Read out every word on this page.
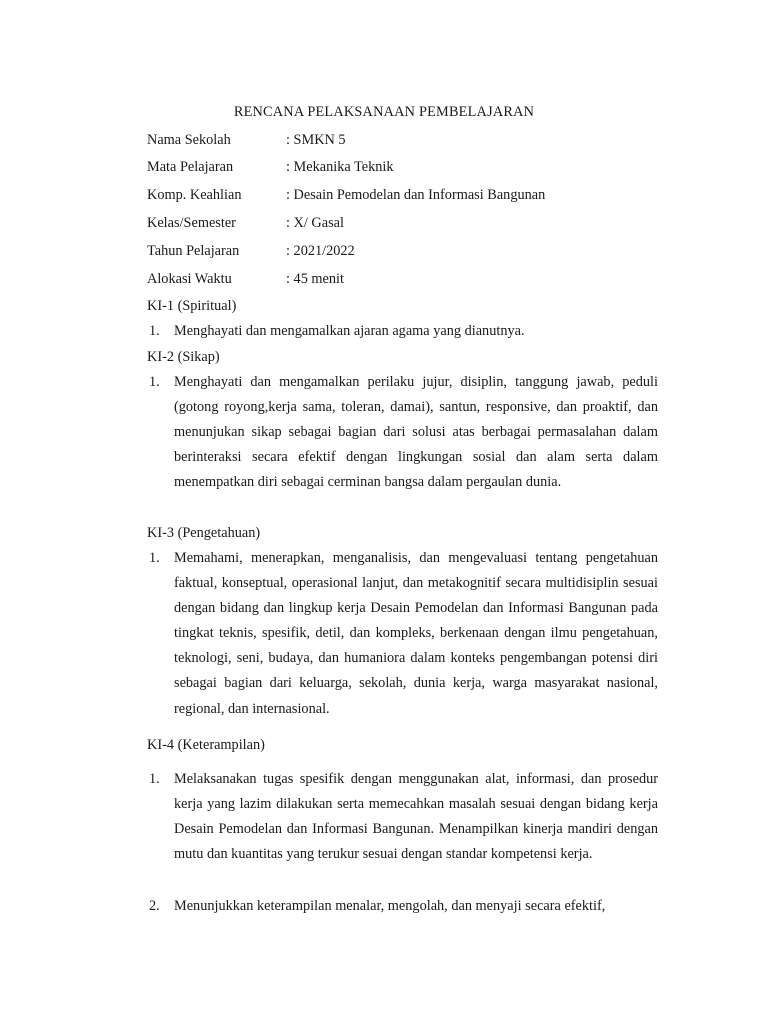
RENCANA PELAKSANAAN PEMBELAJARAN
Nama Sekolah	: SMKN 5
Mata Pelajaran	: Mekanika Teknik
Komp. Keahlian	: Desain Pemodelan dan Informasi Bangunan
Kelas/Semester	: X/ Gasal
Tahun Pelajaran	: 2021/2022
Alokasi Waktu	: 45 menit
KI-1 (Spiritual)
1. Menghayati dan mengamalkan ajaran agama yang dianutnya.
KI-2 (Sikap)
1. Menghayati dan mengamalkan perilaku jujur, disiplin, tanggung jawab, peduli (gotong royong,kerja sama, toleran, damai), santun, responsive, dan proaktif, dan menunjukan sikap sebagai bagian dari solusi atas berbagai permasalahan dalam berinteraksi secara efektif dengan lingkungan sosial dan alam serta dalam menempatkan diri sebagai cerminan bangsa dalam pergaulan dunia.
KI-3 (Pengetahuan)
1. Memahami, menerapkan, menganalisis, dan mengevaluasi tentang pengetahuan faktual, konseptual, operasional lanjut, dan metakognitif secara multidisiplin sesuai dengan bidang dan lingkup kerja Desain Pemodelan dan Informasi Bangunan pada tingkat teknis, spesifik, detil, dan kompleks, berkenaan dengan ilmu pengetahuan, teknologi, seni, budaya, dan humaniora dalam konteks pengembangan potensi diri sebagai bagian dari keluarga, sekolah, dunia kerja, warga masyarakat nasional, regional, dan internasional.
KI-4 (Keterampilan)
1. Melaksanakan tugas spesifik dengan menggunakan alat, informasi, dan prosedur kerja yang lazim dilakukan serta memecahkan masalah sesuai dengan bidang kerja Desain Pemodelan dan Informasi Bangunan. Menampilkan kinerja mandiri dengan mutu dan kuantitas yang terukur sesuai dengan standar kompetensi kerja.
2. Menunjukkan keterampilan menalar, mengolah, dan menyaji secara efektif,
